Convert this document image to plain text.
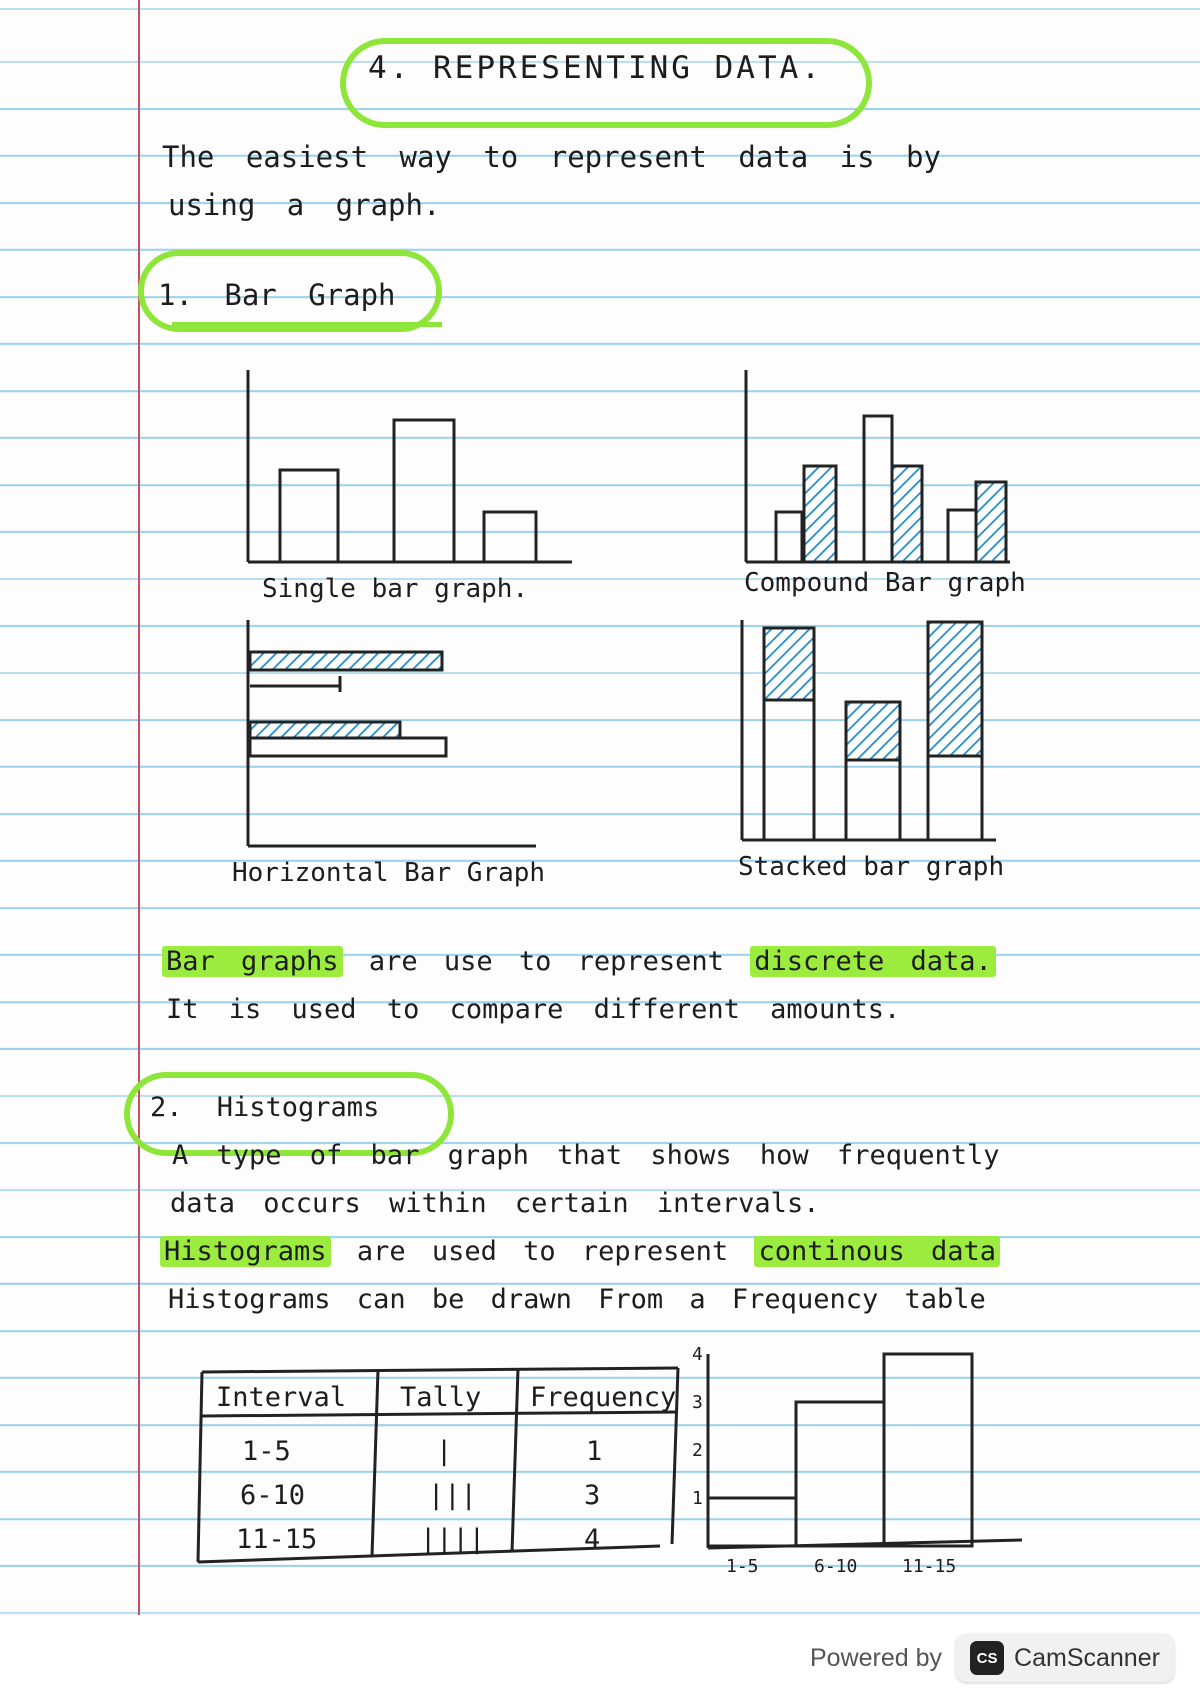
4. REPRESENTING DATA.
The easiest way to represent data is by
using a graph.
1. Bar Graph
Single bar graph.	Compound Bar graph
Horizontal Bar Graph	Stacked bar graph
Bar graphs are use to represent discrete data.
It is used to compare different amounts.
2. Histograms
A type of bar graph that shows how frequently
data occurs within certain intervals.
Histograms are used to represent continous data
Histograms can be drawn From a Frequency table
Interval Tally Frequency
1-5	|	1
6-10	|||	3
11-15	||||	4
1-5	6-10 11-15
1
2
3
4
Powered by	CS CamScanner
